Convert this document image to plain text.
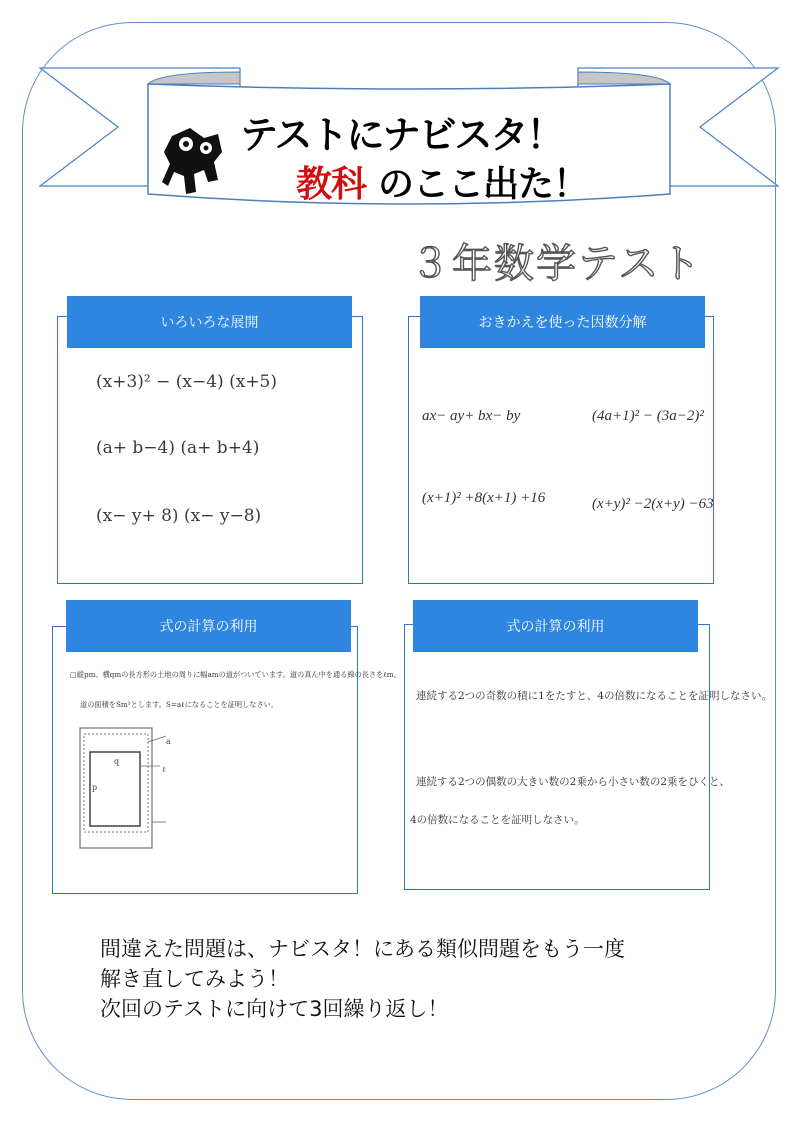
テストにナビスタ！
教科 のここ出た！
３年数学テスト
いろいろな展開
(x+3)² − (x−4) (x+5)
(a+ b−4) (a+ b+4)
(x− y+ 8) (x− y−8)
おきかえを使った因数分解
ax− ay+ bx− by	(4a+1)² − (3a−2)²
(x+1)² +8(x+1) +16	(x+y)² −2(x+y) −63
式の計算の利用
□縦pm、横qmの長方形の土地の周りに幅amの道がついています。道の真ん中を通る線の長さをℓm、
道の面積をSm²とします。S=aℓになることを証明しなさい。
a
ℓ
q
p
式の計算の利用
連続する2つの奇数の積に1をたすと、4の倍数になることを証明しなさい。
連続する2つの偶数の大きい数の2乗から小さい数の2乗をひくと、
4の倍数になることを証明しなさい。
間違えた問題は、ナビスタ！にある類似問題をもう一度
解き直してみよう！
次回のテストに向けて3回繰り返し！
